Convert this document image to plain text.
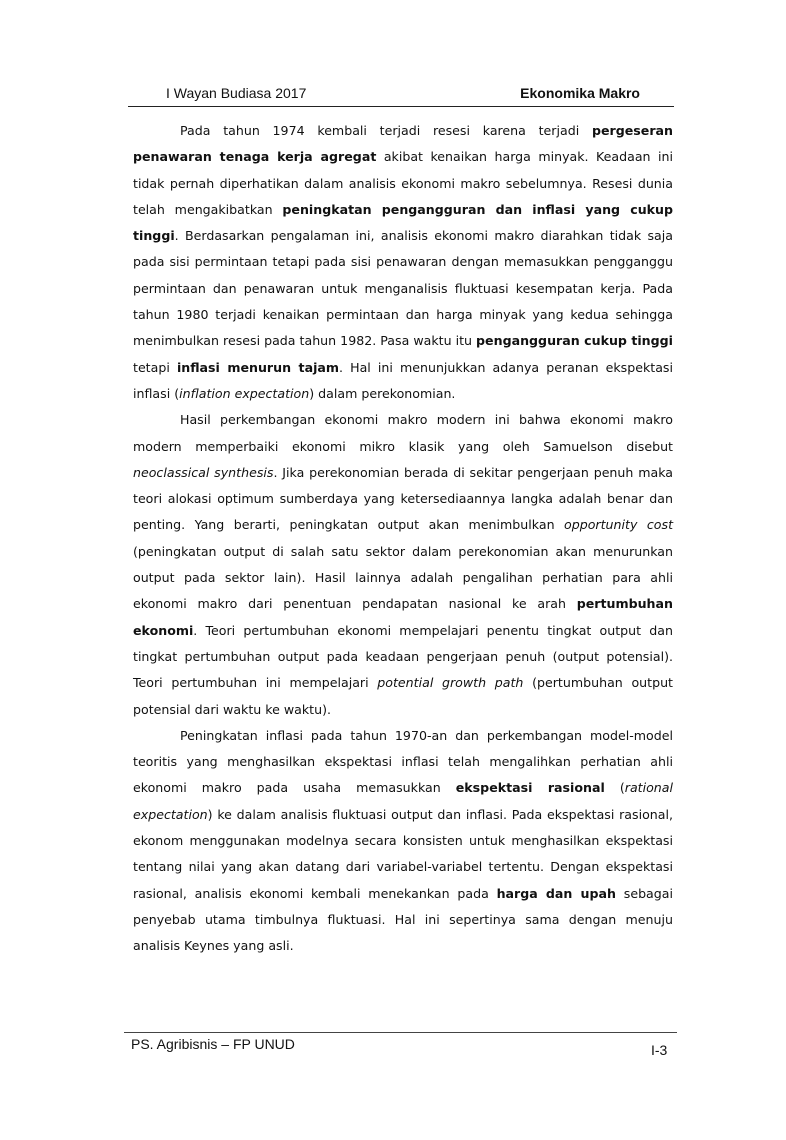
I Wayan Budiasa 2017	Ekonomika Makro

Pada tahun 1974 kembali terjadi resesi karena terjadi pergeseran penawaran tenaga kerja agregat akibat kenaikan harga minyak. Keadaan ini tidak pernah diperhatikan dalam analisis ekonomi makro sebelumnya. Resesi dunia telah mengakibatkan peningkatan pengangguran dan inflasi yang cukup tinggi. Berdasarkan pengalaman ini, analisis ekonomi makro diarahkan tidak saja pada sisi permintaan tetapi pada sisi penawaran dengan memasukkan pengganggu permintaan dan penawaran untuk menganalisis fluktuasi kesempatan kerja. Pada tahun 1980 terjadi kenaikan permintaan dan harga minyak yang kedua sehingga menimbulkan resesi pada tahun 1982. Pasa waktu itu pengangguran cukup tinggi tetapi inflasi menurun tajam. Hal ini menunjukkan adanya peranan ekspektasi inflasi (inflation expectation) dalam perekonomian.

Hasil perkembangan ekonomi makro modern ini bahwa ekonomi makro modern memperbaiki ekonomi mikro klasik yang oleh Samuelson disebut neoclassical synthesis. Jika perekonomian berada di sekitar pengerjaan penuh maka teori alokasi optimum sumberdaya yang ketersediaannya langka adalah benar dan penting. Yang berarti, peningkatan output akan menimbulkan opportunity cost (peningkatan output di salah satu sektor dalam perekonomian akan menurunkan output pada sektor lain). Hasil lainnya adalah pengalihan perhatian para ahli ekonomi makro dari penentuan pendapatan nasional ke arah pertumbuhan ekonomi. Teori pertumbuhan ekonomi mempelajari penentu tingkat output dan tingkat pertumbuhan output pada keadaan pengerjaan penuh (output potensial). Teori pertumbuhan ini mempelajari potential growth path (pertumbuhan output potensial dari waktu ke waktu).

Peningkatan inflasi pada tahun 1970-an dan perkembangan model-model teoritis yang menghasilkan ekspektasi inflasi telah mengalihkan perhatian ahli ekonomi makro pada usaha memasukkan ekspektasi rasional (rational expectation) ke dalam analisis fluktuasi output dan inflasi. Pada ekspektasi rasional, ekonom menggunakan modelnya secara konsisten untuk menghasilkan ekspektasi tentang nilai yang akan datang dari variabel-variabel tertentu. Dengan ekspektasi rasional, analisis ekonomi kembali menekankan pada harga dan upah sebagai penyebab utama timbulnya fluktuasi. Hal ini sepertinya sama dengan menuju analisis Keynes yang asli.

PS. Agribisnis – FP UNUD	I-3
